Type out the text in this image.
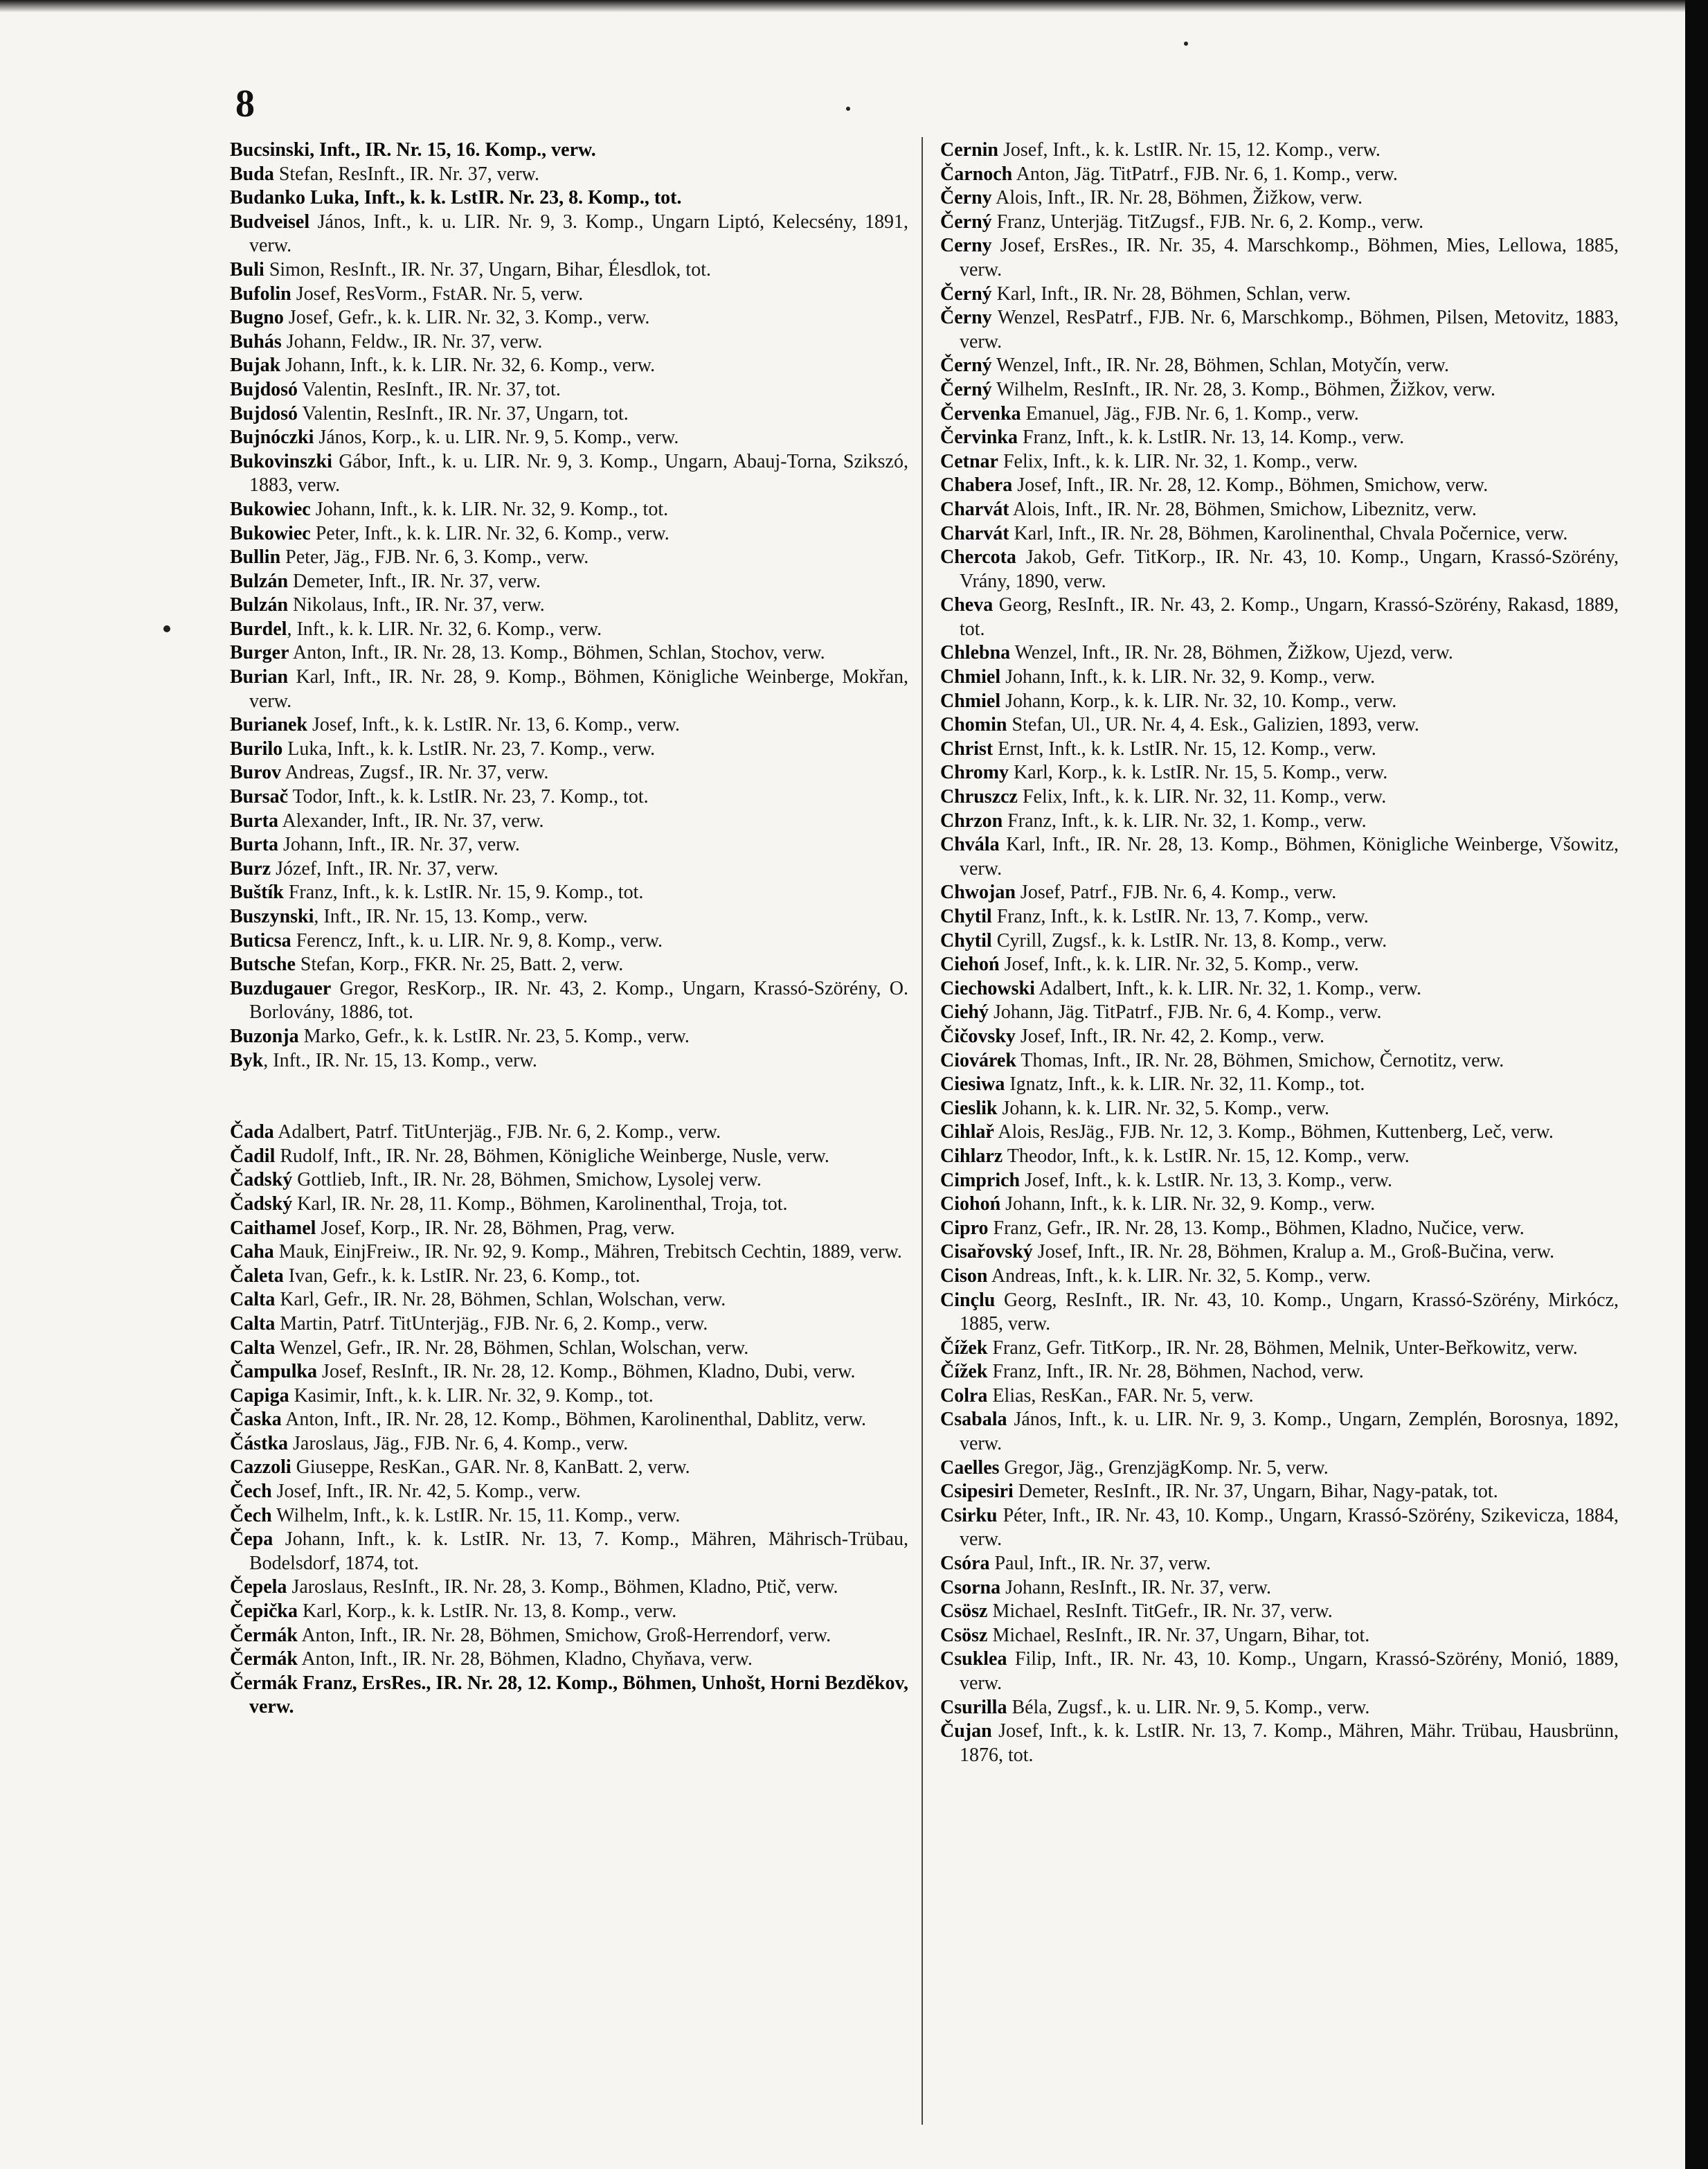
8

Bucsinski, Inft., IR. Nr. 15, 16. Komp., verw.

Buda Stefan, ResInft., IR. Nr. 37, verw.

Budanko Luka, Inft., k. k. LstIR. Nr. 23, 8. Komp., tot.

Budveisel János, Inft., k. u. LIR. Nr. 9, 3. Komp., Ungarn Liptó, Kelecsény, 1891, verw.

Buli Simon, ResInft., IR. Nr. 37, Ungarn, Bihar, Élesdlok, tot.

Bufolin Josef, ResVorm., FstAR. Nr. 5, verw.

Bugno Josef, Gefr., k. k. LIR. Nr. 32, 3. Komp., verw.

Buhás Johann, Feldw., IR. Nr. 37, verw.

Bujak Johann, Inft., k. k. LIR. Nr. 32, 6. Komp., verw.

Bujdosó Valentin, ResInft., IR. Nr. 37, tot.

Bujdosó Valentin, ResInft., IR. Nr. 37, Ungarn, tot.

Bujnóczki János, Korp., k. u. LIR. Nr. 9, 5. Komp., verw.

Bukovinszki Gábor, Inft., k. u. LIR. Nr. 9, 3. Komp., Ungarn, Abauj-Torna, Szikszó, 1883, verw.

Bukowiec Johann, Inft., k. k. LIR. Nr. 32, 9. Komp., tot.

Bukowiec Peter, Inft., k. k. LIR. Nr. 32, 6. Komp., verw.

Bullin Peter, Jäg., FJB. Nr. 6, 3. Komp., verw.

Bulzán Demeter, Inft., IR. Nr. 37, verw.

Bulzán Nikolaus, Inft., IR. Nr. 37, verw.

Burdel, Inft., k. k. LIR. Nr. 32, 6. Komp., verw.

Burger Anton, Inft., IR. Nr. 28, 13. Komp., Böhmen, Schlan, Stochov, verw.

Burian Karl, Inft., IR. Nr. 28, 9. Komp., Böhmen, Königliche Weinberge, Mokřan, verw.

Burianek Josef, Inft., k. k. LstIR. Nr. 13, 6. Komp., verw.

Burilo Luka, Inft., k. k. LstIR. Nr. 23, 7. Komp., verw.

Burov Andreas, Zugsf., IR. Nr. 37, verw.

Bursač Todor, Inft., k. k. LstIR. Nr. 23, 7. Komp., tot.

Burta Alexander, Inft., IR. Nr. 37, verw.

Burta Johann, Inft., IR. Nr. 37, verw.

Burz Józef, Inft., IR. Nr. 37, verw.

Buštík Franz, Inft., k. k. LstIR. Nr. 15, 9. Komp., tot.

Buszynski, Inft., IR. Nr. 15, 13. Komp., verw.

Buticsa Ferencz, Inft., k. u. LIR. Nr. 9, 8. Komp., verw.

Butsche Stefan, Korp., FKR. Nr. 25, Batt. 2, verw.

Buzdugauer Gregor, ResKorp., IR. Nr. 43, 2. Komp., Ungarn, Krassó-Szörény, O. Borlovány, 1886, tot.

Buzonja Marko, Gefr., k. k. LstIR. Nr. 23, 5. Komp., verw.

Byk, Inft., IR. Nr. 15, 13. Komp., verw.

Čada Adalbert, Patrf. TitUnterjäg., FJB. Nr. 6, 2. Komp., verw.

Čadil Rudolf, Inft., IR. Nr. 28, Böhmen, Königliche Weinberge, Nusle, verw.

Čadský Gottlieb, Inft., IR. Nr. 28, Böhmen, Smichow, Lysolej verw.

Čadský Karl, IR. Nr. 28, 11. Komp., Böhmen, Karolinenthal, Troja, tot.

Caithamel Josef, Korp., IR. Nr. 28, Böhmen, Prag, verw.

Caha Mauk, EinjFreiw., IR. Nr. 92, 9. Komp., Mähren, Trebitsch Cechtin, 1889, verw.

Čaleta Ivan, Gefr., k. k. LstIR. Nr. 23, 6. Komp., tot.

Calta Karl, Gefr., IR. Nr. 28, Böhmen, Schlan, Wolschan, verw.

Calta Martin, Patrf. TitUnterjäg., FJB. Nr. 6, 2. Komp., verw.

Calta Wenzel, Gefr., IR. Nr. 28, Böhmen, Schlan, Wolschan, verw.

Čampulka Josef, ResInft., IR. Nr. 28, 12. Komp., Böhmen, Kladno, Dubi, verw.

Capiga Kasimir, Inft., k. k. LIR. Nr. 32, 9. Komp., tot.

Časka Anton, Inft., IR. Nr. 28, 12. Komp., Böhmen, Karolinenthal, Dablitz, verw.

Částka Jaroslaus, Jäg., FJB. Nr. 6, 4. Komp., verw.

Cazzoli Giuseppe, ResKan., GAR. Nr. 8, KanBatt. 2, verw.

Čech Josef, Inft., IR. Nr. 42, 5. Komp., verw.

Čech Wilhelm, Inft., k. k. LstIR. Nr. 15, 11. Komp., verw.

Čepa Johann, Inft., k. k. LstIR. Nr. 13, 7. Komp., Mähren, Mährisch-Trübau, Bodelsdorf, 1874, tot.

Čepela Jaroslaus, ResInft., IR. Nr. 28, 3. Komp., Böhmen, Kladno, Ptič, verw.

Čepička Karl, Korp., k. k. LstIR. Nr. 13, 8. Komp., verw.

Čermák Anton, Inft., IR. Nr. 28, Böhmen, Smichow, Groß-Herrendorf, verw.

Čermák Anton, Inft., IR. Nr. 28, Böhmen, Kladno, Chyňava, verw.

Čermák Franz, ErsRes., IR. Nr. 28, 12. Komp., Böhmen, Unhošt, Horni Bezděkov, verw.

Cernin Josef, Inft., k. k. LstIR. Nr. 15, 12. Komp., verw.

Čarnoch Anton, Jäg. TitPatrf., FJB. Nr. 6, 1. Komp., verw.

Černy Alois, Inft., IR. Nr. 28, Böhmen, Žižkow, verw.

Černý Franz, Unterjäg. TitZugsf., FJB. Nr. 6, 2. Komp., verw.

Cerny Josef, ErsRes., IR. Nr. 35, 4. Marschkomp., Böhmen, Mies, Lellowa, 1885, verw.

Černý Karl, Inft., IR. Nr. 28, Böhmen, Schlan, verw.

Černy Wenzel, ResPatrf., FJB. Nr. 6, Marschkomp., Böhmen, Pilsen, Metovitz, 1883, verw.

Černý Wenzel, Inft., IR. Nr. 28, Böhmen, Schlan, Motyčín, verw.

Černý Wilhelm, ResInft., IR. Nr. 28, 3. Komp., Böhmen, Žižkov, verw.

Červenka Emanuel, Jäg., FJB. Nr. 6, 1. Komp., verw.

Červinka Franz, Inft., k. k. LstIR. Nr. 13, 14. Komp., verw.

Cetnar Felix, Inft., k. k. LIR. Nr. 32, 1. Komp., verw.

Chabera Josef, Inft., IR. Nr. 28, 12. Komp., Böhmen, Smichow, verw.

Charvát Alois, Inft., IR. Nr. 28, Böhmen, Smichow, Libeznitz, verw.

Charvát Karl, Inft., IR. Nr. 28, Böhmen, Karolinenthal, Chvala Počernice, verw.

Chercota Jakob, Gefr. TitKorp., IR. Nr. 43, 10. Komp., Ungarn, Krassó-Szörény, Vrány, 1890, verw.

Cheva Georg, ResInft., IR. Nr. 43, 2. Komp., Ungarn, Krassó-Szörény, Rakasd, 1889, tot.

Chlebna Wenzel, Inft., IR. Nr. 28, Böhmen, Žižkow, Ujezd, verw.

Chmiel Johann, Inft., k. k. LIR. Nr. 32, 9. Komp., verw.

Chmiel Johann, Korp., k. k. LIR. Nr. 32, 10. Komp., verw.

Chomin Stefan, Ul., UR. Nr. 4, 4. Esk., Galizien, 1893, verw.

Christ Ernst, Inft., k. k. LstIR. Nr. 15, 12. Komp., verw.

Chromy Karl, Korp., k. k. LstIR. Nr. 15, 5. Komp., verw.

Chruszcz Felix, Inft., k. k. LIR. Nr. 32, 11. Komp., verw.

Chrzon Franz, Inft., k. k. LIR. Nr. 32, 1. Komp., verw.

Chvála Karl, Inft., IR. Nr. 28, 13. Komp., Böhmen, Königliche Weinberge, Všowitz, verw.

Chwojan Josef, Patrf., FJB. Nr. 6, 4. Komp., verw.

Chytil Franz, Inft., k. k. LstIR. Nr. 13, 7. Komp., verw.

Chytil Cyrill, Zugsf., k. k. LstIR. Nr. 13, 8. Komp., verw.

Ciehoń Josef, Inft., k. k. LIR. Nr. 32, 5. Komp., verw.

Ciechowski Adalbert, Inft., k. k. LIR. Nr. 32, 1. Komp., verw.

Ciehý Johann, Jäg. TitPatrf., FJB. Nr. 6, 4. Komp., verw.

Čičovsky Josef, Inft., IR. Nr. 42, 2. Komp., verw.

Ciovárek Thomas, Inft., IR. Nr. 28, Böhmen, Smichow, Černotitz, verw.

Ciesiwa Ignatz, Inft., k. k. LIR. Nr. 32, 11. Komp., tot.

Cieslik Johann, k. k. LIR. Nr. 32, 5. Komp., verw.

Cihlař Alois, ResJäg., FJB. Nr. 12, 3. Komp., Böhmen, Kuttenberg, Leč, verw.

Cihlarz Theodor, Inft., k. k. LstIR. Nr. 15, 12. Komp., verw.

Cimprich Josef, Inft., k. k. LstIR. Nr. 13, 3. Komp., verw.

Ciohoń Johann, Inft., k. k. LIR. Nr. 32, 9. Komp., verw.

Cipro Franz, Gefr., IR. Nr. 28, 13. Komp., Böhmen, Kladno, Nučice, verw.

Cisařovský Josef, Inft., IR. Nr. 28, Böhmen, Kralup a. M., Groß-Bučina, verw.

Cison Andreas, Inft., k. k. LIR. Nr. 32, 5. Komp., verw.

Cinçlu Georg, ResInft., IR. Nr. 43, 10. Komp., Ungarn, Krassó-Szörény, Mirkócz, 1885, verw.

Čížek Franz, Gefr. TitKorp., IR. Nr. 28, Böhmen, Melnik, Unter-Beřkowitz, verw.

Čížek Franz, Inft., IR. Nr. 28, Böhmen, Nachod, verw.

Colra Elias, ResKan., FAR. Nr. 5, verw.

Csabala János, Inft., k. u. LIR. Nr. 9, 3. Komp., Ungarn, Zemplén, Borosnya, 1892, verw.

Caelles Gregor, Jäg., GrenzjägKomp. Nr. 5, verw.

Csipesiri Demeter, ResInft., IR. Nr. 37, Ungarn, Bihar, Nagy-patak, tot.

Csirku Péter, Inft., IR. Nr. 43, 10. Komp., Ungarn, Krassó-Szörény, Szikevicza, 1884, verw.

Csóra Paul, Inft., IR. Nr. 37, verw.

Csorna Johann, ResInft., IR. Nr. 37, verw.

Csösz Michael, ResInft. TitGefr., IR. Nr. 37, verw.

Csösz Michael, ResInft., IR. Nr. 37, Ungarn, Bihar, tot.

Csuklea Filip, Inft., IR. Nr. 43, 10. Komp., Ungarn, Krassó-Szörény, Monió, 1889, verw.

Csurilla Béla, Zugsf., k. u. LIR. Nr. 9, 5. Komp., verw.

Čujan Josef, Inft., k. k. LstIR. Nr. 13, 7. Komp., Mähren, Mähr. Trübau, Hausbrünn, 1876, tot.
